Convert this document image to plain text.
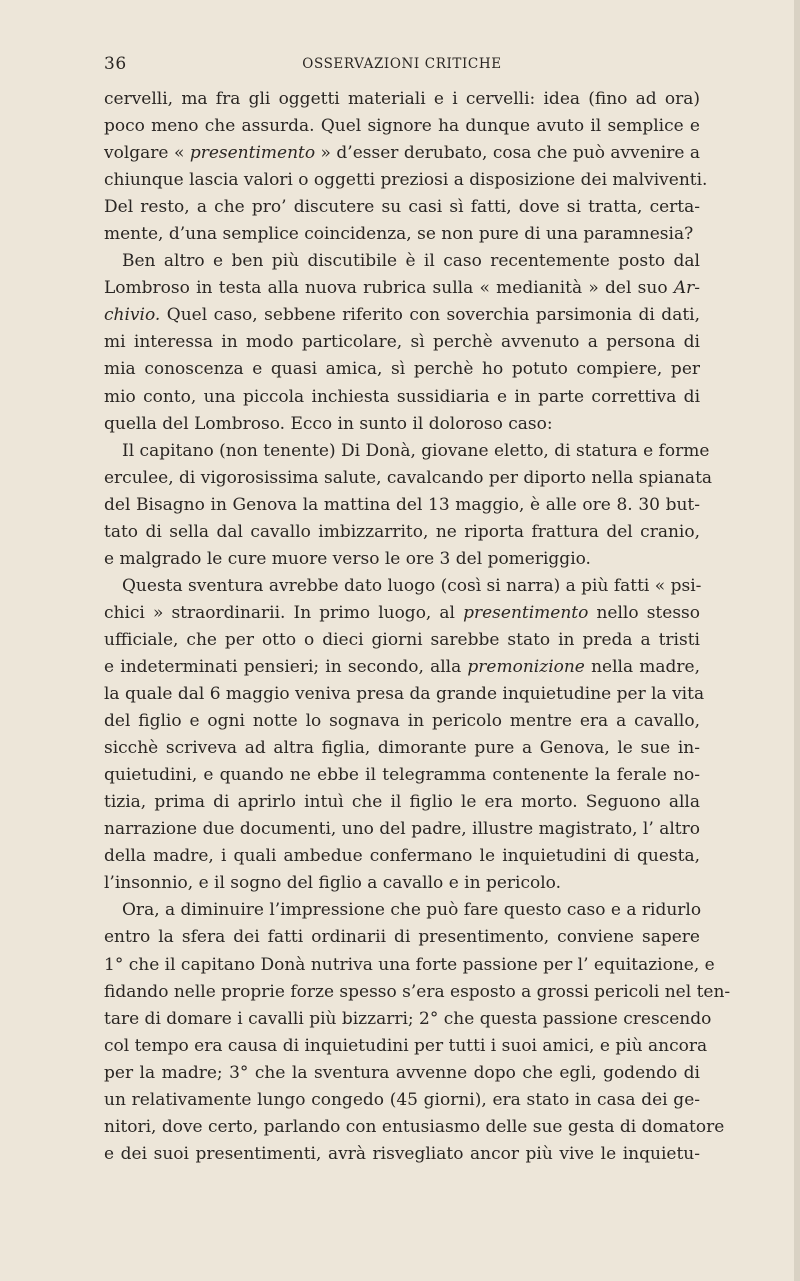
36	OSSERVAZIONI CRITICHE
cervelli, ma fra gli oggetti materiali e i cervelli: idea (fino ad ora)
poco meno che assurda. Quel signore ha dunque avuto il semplice e
volgare « presentimento » d’esser derubato, cosa che può avvenire a
chiunque lascia valori o oggetti preziosi a disposizione dei malviventi.
Del resto, a che pro’ discutere su casi sì fatti, dove si tratta, certa-
mente, d’una semplice coincidenza, se non pure di una paramnesia?
Ben altro e ben più discutibile è il caso recentemente posto dal
Lombroso in testa alla nuova rubrica sulla « medianità » del suo Ar-
chivio. Quel caso, sebbene riferito con soverchia parsimonia di dati,
mi interessa in modo particolare, sì perchè avvenuto a persona di
mia conoscenza e quasi amica, sì perchè ho potuto compiere, per
mio conto, una piccola inchiesta sussidiaria e in parte correttiva di
quella del Lombroso. Ecco in sunto il doloroso caso:
Il capitano (non tenente) Di Donà, giovane eletto, di statura e forme
erculee, di vigorosissima salute, cavalcando per diporto nella spianata
del Bisagno in Genova la mattina del 13 maggio, è alle ore 8. 30 but-
tato di sella dal cavallo imbizzarrito, ne riporta frattura del cranio,
e malgrado le cure muore verso le ore 3 del pomeriggio.
Questa sventura avrebbe dato luogo (così si narra) a più fatti « psi-
chici » straordinarii. In primo luogo, al presentimento nello stesso
ufficiale, che per otto o dieci giorni sarebbe stato in preda a tristi
e indeterminati pensieri; in secondo, alla premonizione nella madre,
la quale dal 6 maggio veniva presa da grande inquietudine per la vita
del figlio e ogni notte lo sognava in pericolo mentre era a cavallo,
sicchè scriveva ad altra figlia, dimorante pure a Genova, le sue in-
quietudini, e quando ne ebbe il telegramma contenente la ferale no-
tizia, prima di aprirlo intuì che il figlio le era morto. Seguono alla
narrazione due documenti, uno del padre, illustre magistrato, l’ altro
della madre, i quali ambedue confermano le inquietudini di questa,
l’insonnio, e il sogno del figlio a cavallo e in pericolo.
Ora, a diminuire l’impressione che può fare questo caso e a ridurlo
entro la sfera dei fatti ordinarii di presentimento, conviene sapere
1° che il capitano Donà nutriva una forte passione per l’ equitazione, e
fidando nelle proprie forze spesso s’era esposto a grossi pericoli nel ten-
tare di domare i cavalli più bizzarri; 2° che questa passione crescendo
col tempo era causa di inquietudini per tutti i suoi amici, e più ancora
per la madre; 3° che la sventura avvenne dopo che egli, godendo di
un relativamente lungo congedo (45 giorni), era stato in casa dei ge-
nitori, dove certo, parlando con entusiasmo delle sue gesta di domatore
e dei suoi presentimenti, avrà risvegliato ancor più vive le inquietu-
